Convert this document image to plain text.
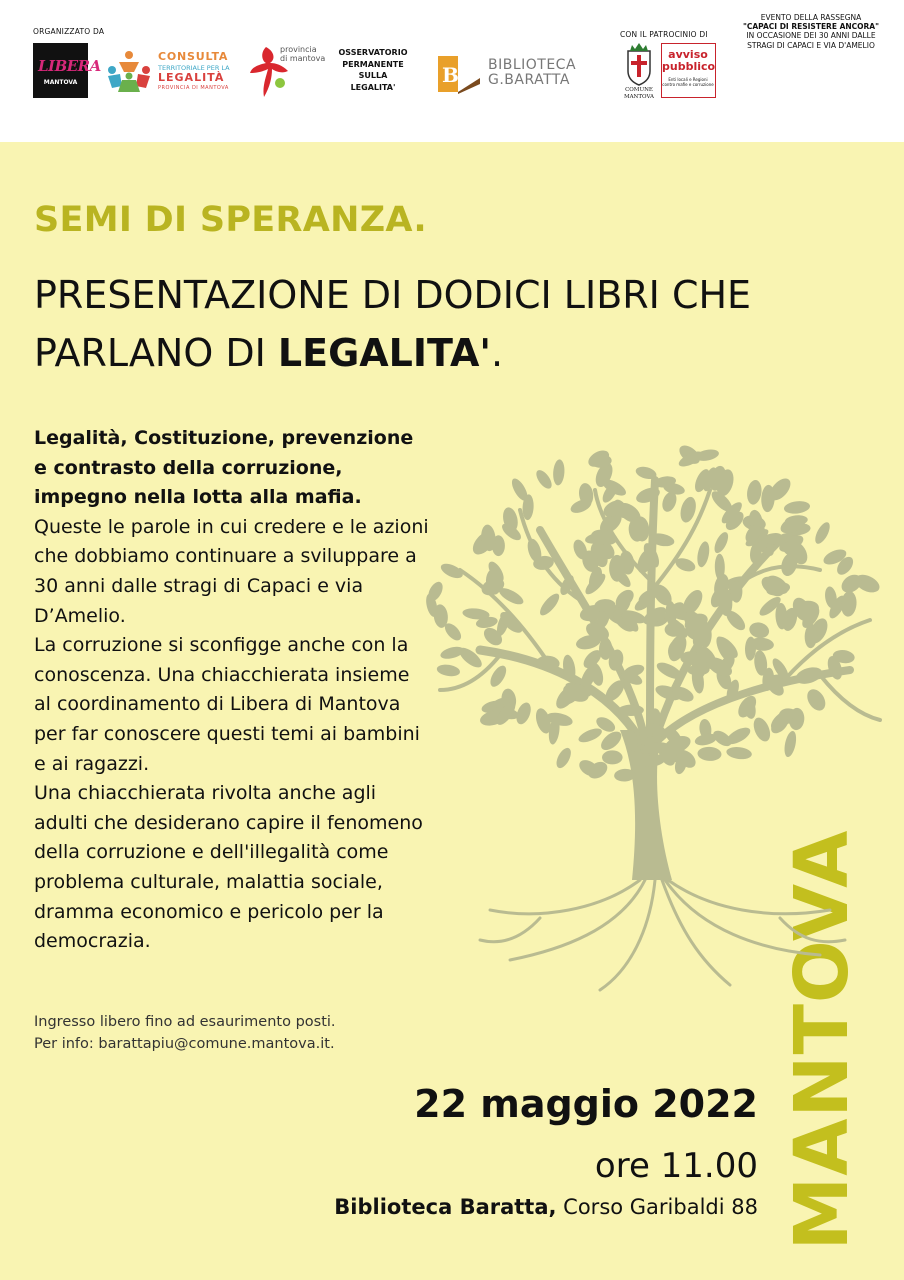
ORGANIZZATO DA
LIBERA
MANTOVA
CONSULTA
TERRITORIALE PER LA
LEGALITÀ
PROVINCIA DI MANTOVA
provincia
di mantova
OSSERVATORIO
PERMANENTE
SULLA
LEGALITA'	B BIBLIOTECA
G.BARATTA
CON IL PATROCINIO DI
COMUNE
MANTOVA
avviso
pubblico
Enti locali e Regioni contro mafie e corruzione
EVENTO DELLA RASSEGNA
"CAPACI DI RESISTERE ANCORA"
IN OCCASIONE DEI 30 ANNI DALLE
STRAGI DI CAPACI E VIA D'AMELIO
SEMI DI SPERANZA.
PRESENTAZIONE DI DODICI LIBRI CHE
PARLANO DI LEGALITA'.
Legalità, Costituzione, prevenzione e contrasto della corruzione, impegno nella lotta alla mafia.
Queste le parole in cui credere e le azioni che dobbiamo continuare a sviluppare a 30 anni dalle stragi di Capaci e via D’Amelio.
La corruzione si sconfigge anche con la conoscenza. Una chiacchierata insieme al coordinamento di Libera di Mantova per far conoscere questi temi ai bambini e ai ragazzi.
Una chiacchierata rivolta anche agli adulti che desiderano capire il fenomeno della corruzione e dell'illegalità come problema culturale, malattia sociale, dramma economico e pericolo per la democrazia.
Ingresso libero fino ad esaurimento posti.
Per info: barattapiu@comune.mantova.it.
22 maggio 2022
ore 11.00
Biblioteca Baratta, Corso Garibaldi 88 MANTOVA
